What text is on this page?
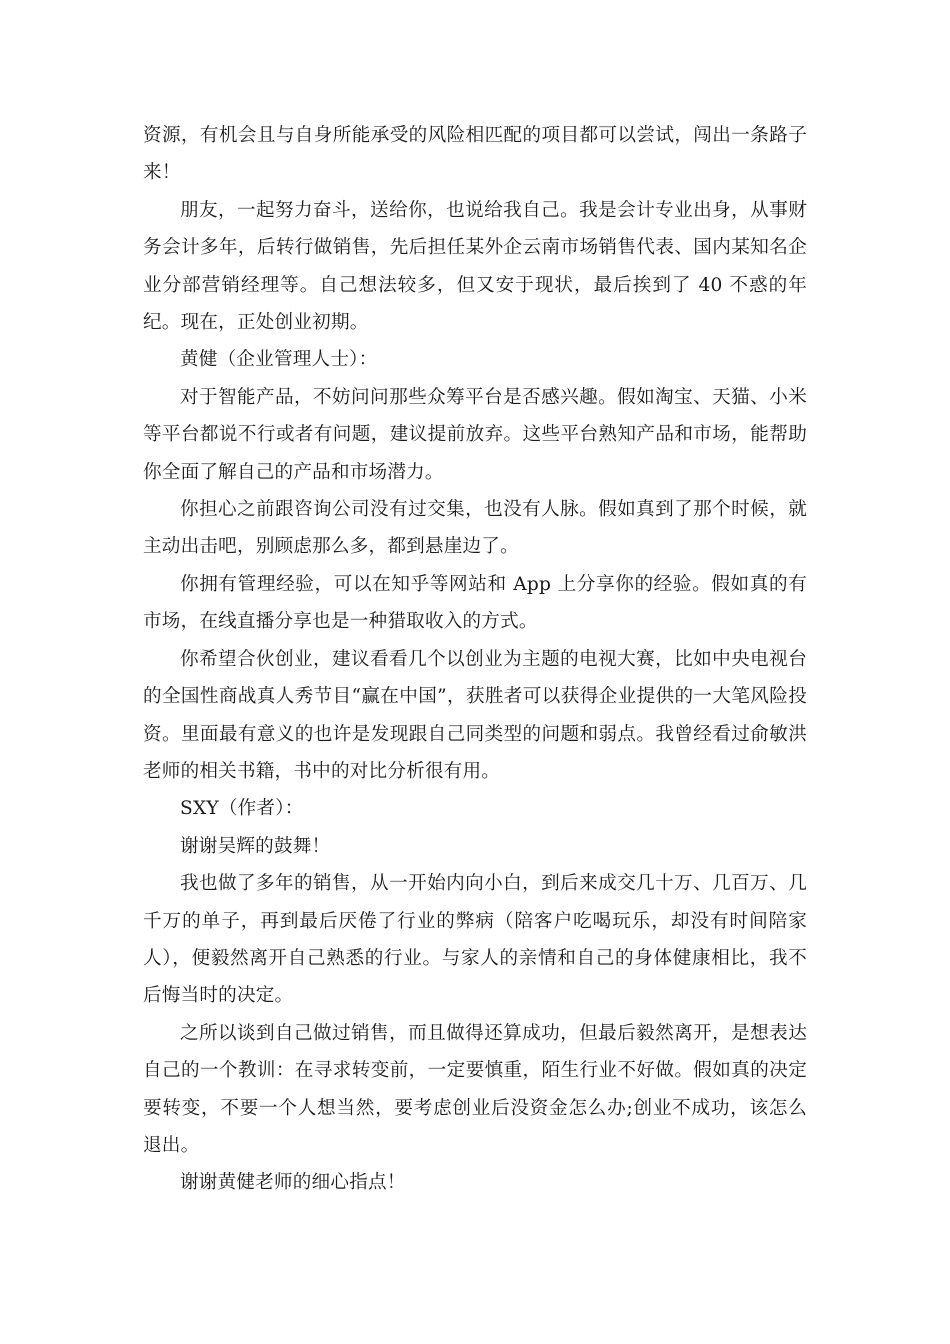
资源，有机会且与自身所能承受的风险相匹配的项目都可以尝试，闯出一条路子来！

朋友，一起努力奋斗，送给你，也说给我自己。我是会计专业出身，从事财务会计多年，后转行做销售，先后担任某外企云南市场销售代表、国内某知名企业分部营销经理等。自己想法较多，但又安于现状，最后挨到了 40 不惑的年纪。现在，正处创业初期。

黄健（企业管理人士）：

对于智能产品，不妨问问那些众筹平台是否感兴趣。假如淘宝、天猫、小米等平台都说不行或者有问题，建议提前放弃。这些平台熟知产品和市场，能帮助你全面了解自己的产品和市场潜力。

你担心之前跟咨询公司没有过交集，也没有人脉。假如真到了那个时候，就主动出击吧，别顾虑那么多，都到悬崖边了。

你拥有管理经验，可以在知乎等网站和 App 上分享你的经验。假如真的有市场，在线直播分享也是一种猎取收入的方式。

你希望合伙创业，建议看看几个以创业为主题的电视大赛，比如中央电视台的全国性商战真人秀节目“赢在中国”，获胜者可以获得企业提供的一大笔风险投资。里面最有意义的也许是发现跟自己同类型的问题和弱点。我曾经看过俞敏洪老师的相关书籍，书中的对比分析很有用。

SXY（作者）：

谢谢吴辉的鼓舞！

我也做了多年的销售，从一开始内向小白，到后来成交几十万、几百万、几千万的单子，再到最后厌倦了行业的弊病（陪客户吃喝玩乐，却没有时间陪家人），便毅然离开自己熟悉的行业。与家人的亲情和自己的身体健康相比，我不后悔当时的决定。

之所以谈到自己做过销售，而且做得还算成功，但最后毅然离开，是想表达自己的一个教训：在寻求转变前，一定要慎重，陌生行业不好做。假如真的决定要转变，不要一个人想当然，要考虑创业后没资金怎么办;创业不成功，该怎么退出。

谢谢黄健老师的细心指点！
